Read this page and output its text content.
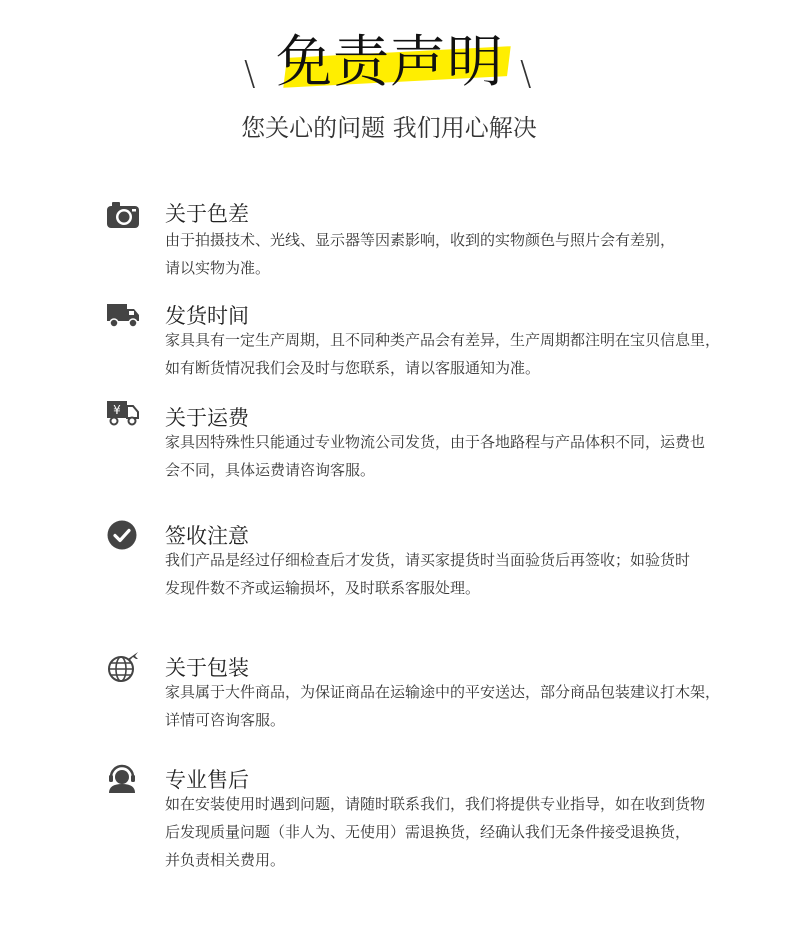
\ 免责声明 \
您关心的问题 我们用心解决
关于色差
由于拍摄技术、光线、显示器等因素影响，收到的实物颜色与照片会有差别，
请以实物为准。
发货时间
家具具有一定生产周期，且不同种类产品会有差异，生产周期都注明在宝贝信息里，
如有断货情况我们会及时与您联系，请以客服通知为准。
¥ 关于运费
家具因特殊性只能通过专业物流公司发货，由于各地路程与产品体积不同，运费也
会不同，具体运费请咨询客服。
签收注意
我们产品是经过仔细检查后才发货，请买家提货时当面验货后再签收；如验货时
发现件数不齐或运输损坏，及时联系客服处理。
关于包装
家具属于大件商品，为保证商品在运输途中的平安送达，部分商品包装建议打木架，
详情可咨询客服。
专业售后
如在安装使用时遇到问题，请随时联系我们，我们将提供专业指导，如在收到货物
后发现质量问题（非人为、无使用）需退换货，经确认我们无条件接受退换货，
并负责相关费用。
